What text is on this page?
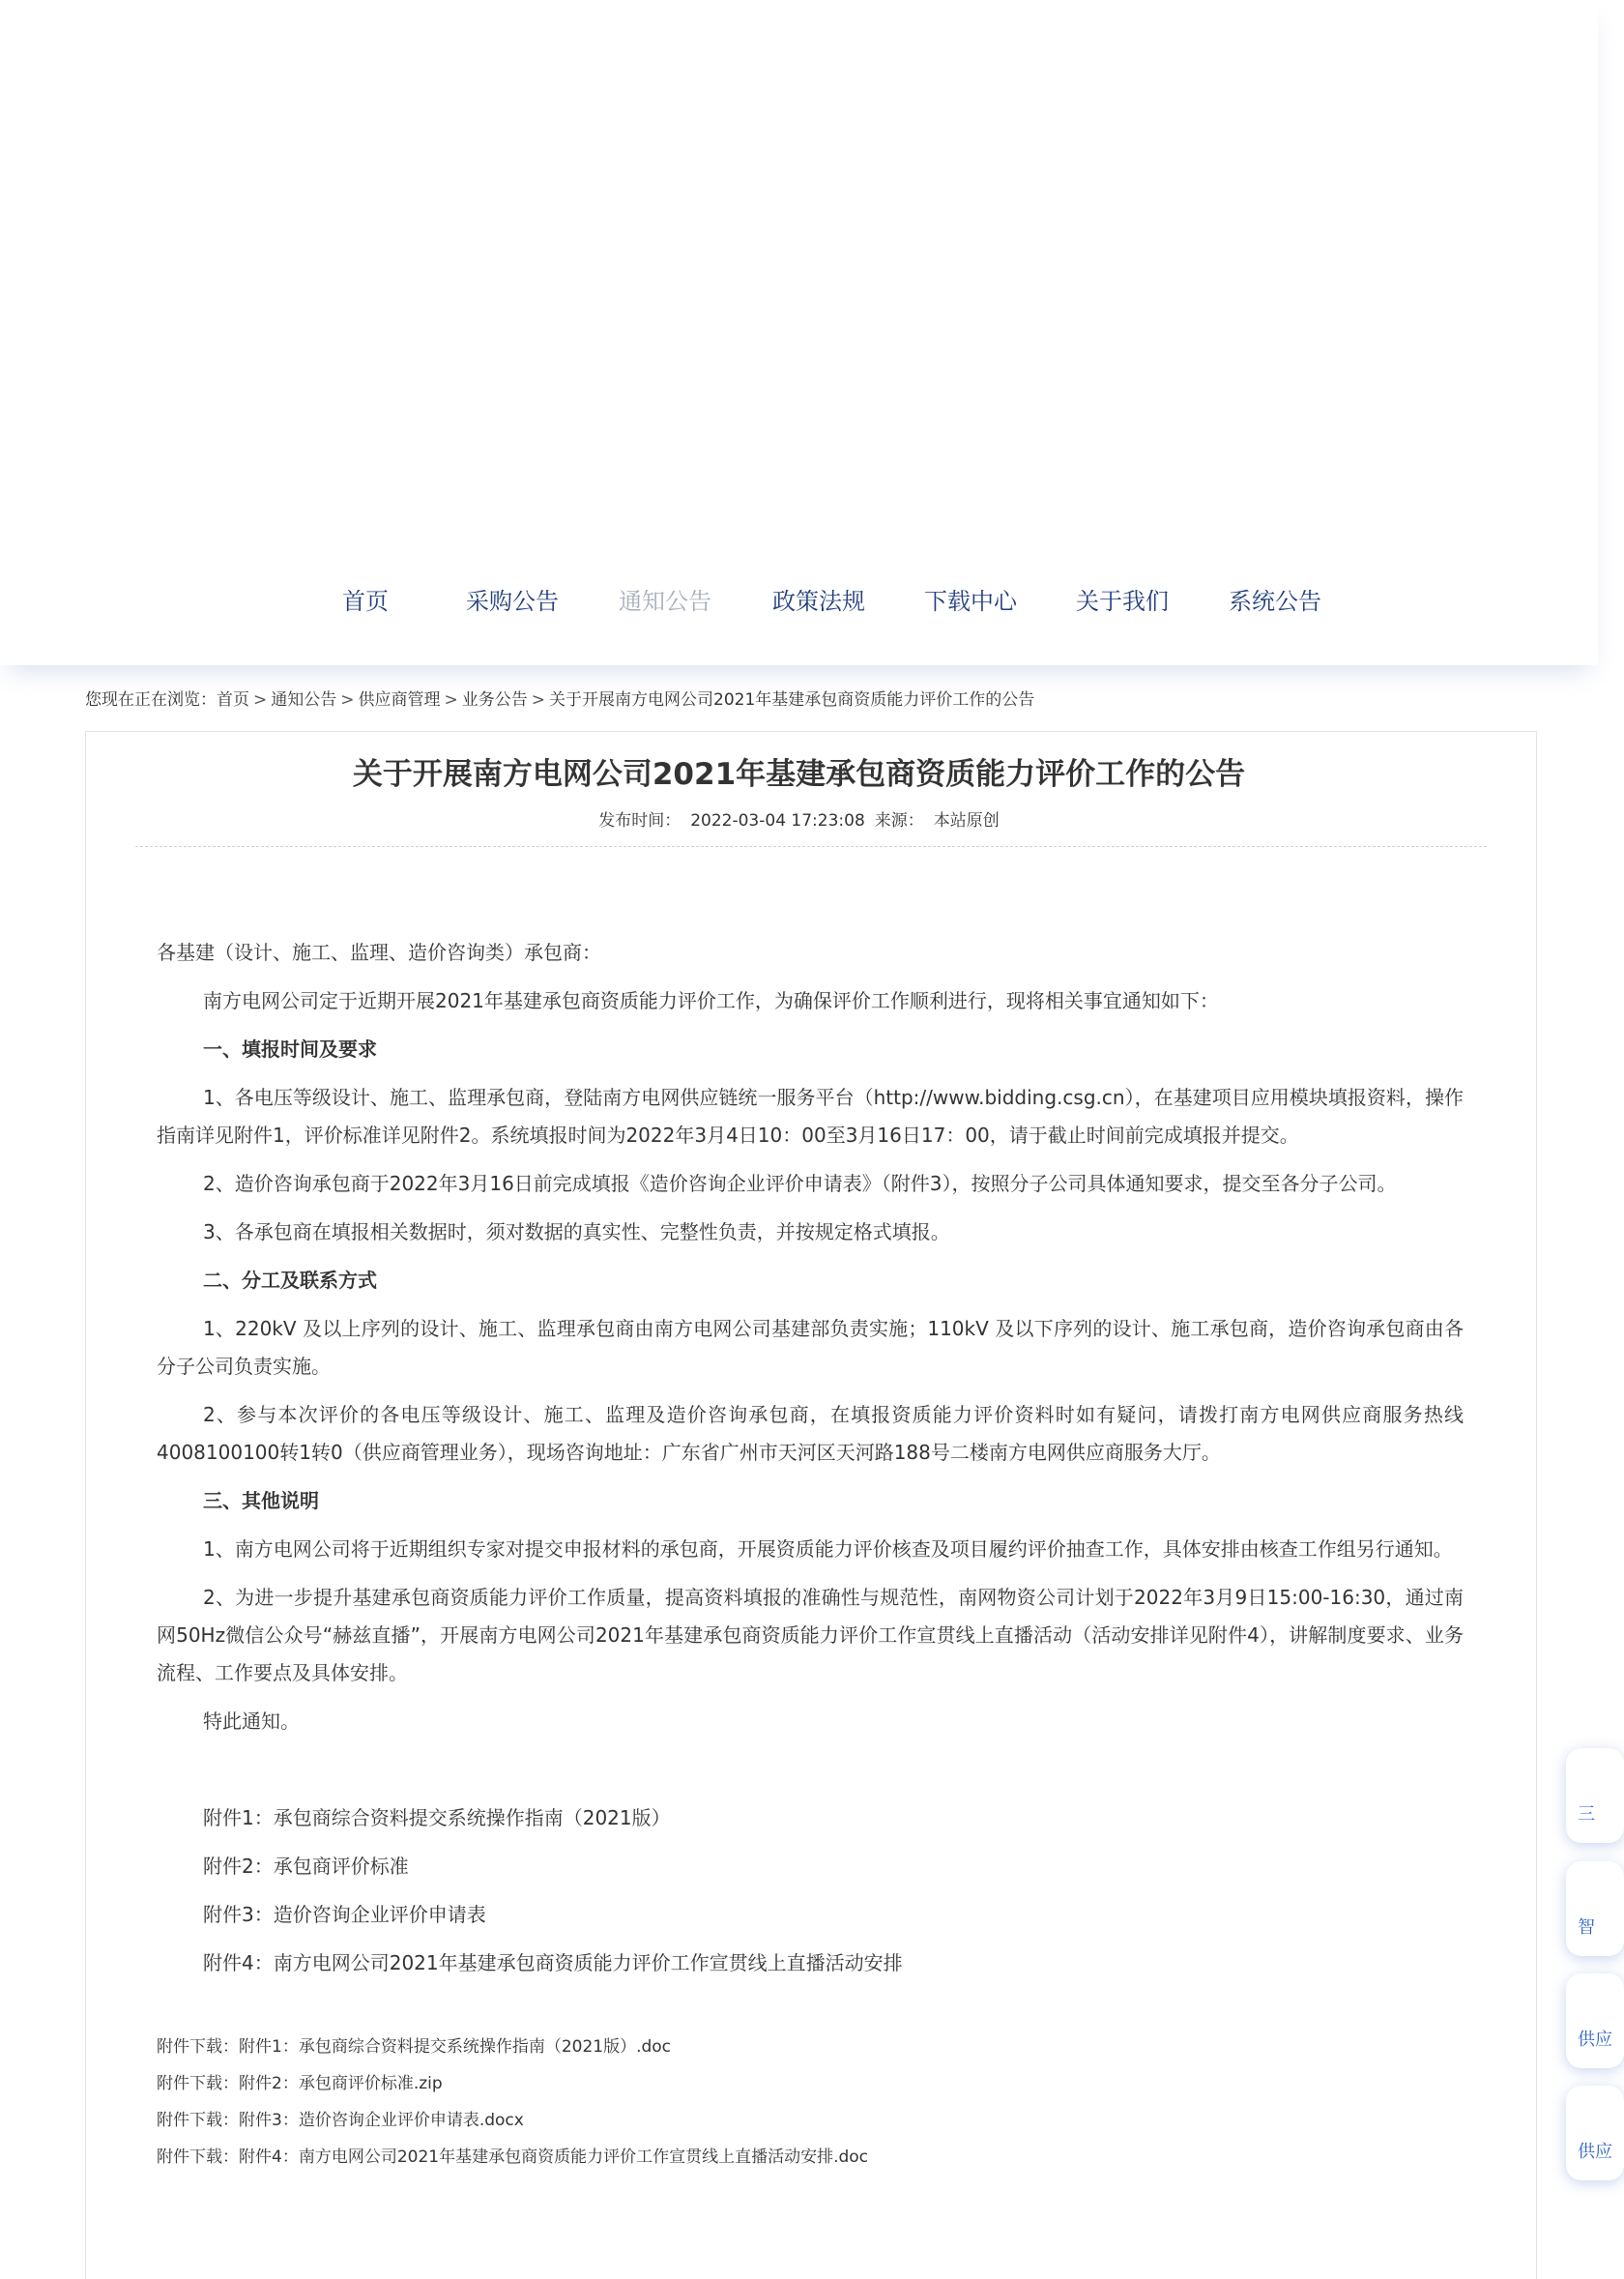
首页	采购公告	通知公告	政策法规	下载中心	关于我们	系统公告
您现在正在浏览：首页 > 通知公告 > 供应商管理 > 业务公告 > 关于开展南方电网公司2021年基建承包商资质能力评价工作的公告
关于开展南方电网公司2021年基建承包商资质能力评价工作的公告
发布时间： 2022-03-04 17:23:08 来源： 本站原创

各基建（设计、施工、监理、造价咨询类）承包商：

南方电网公司定于近期开展2021年基建承包商资质能力评价工作，为确保评价工作顺利进行，现将相关事宜通知如下：

一、填报时间及要求

1、各电压等级设计、施工、监理承包商，登陆南方电网供应链统一服务平台（http://www.bidding.csg.cn），在基建项目应用模块填报资料，操作指南详见附件1，评价标准详见附件2。系统填报时间为2022年3月4日10：00至3月16日17：00，请于截止时间前完成填报并提交。

2、造价咨询承包商于2022年3月16日前完成填报《造价咨询企业评价申请表》（附件3），按照分子公司具体通知要求，提交至各分子公司。

3、各承包商在填报相关数据时，须对数据的真实性、完整性负责，并按规定格式填报。

二、分工及联系方式

1、220kV 及以上序列的设计、施工、监理承包商由南方电网公司基建部负责实施；110kV 及以下序列的设计、施工承包商，造价咨询承包商由各分子公司负责实施。

2、参与本次评价的各电压等级设计、施工、监理及造价咨询承包商，在填报资质能力评价资料时如有疑问，请拨打南方电网供应商服务热线4008100100转1转0（供应商管理业务），现场咨询地址：广东省广州市天河区天河路188号二楼南方电网供应商服务大厅。

三、其他说明

1、南方电网公司将于近期组织专家对提交申报材料的承包商，开展资质能力评价核查及项目履约评价抽查工作，具体安排由核查工作组另行通知。

2、为进一步提升基建承包商资质能力评价工作质量，提高资料填报的准确性与规范性，南网物资公司计划于2022年3月9日15:00-16:30，通过南网50Hz微信公众号“赫兹直播”，开展南方电网公司2021年基建承包商资质能力评价工作宣贯线上直播活动（活动安排详见附件4），讲解制度要求、业务流程、工作要点及具体安排。

特此通知。

附件1：承包商综合资料提交系统操作指南（2021版）

附件2：承包商评价标准

附件3：造价咨询企业评价申请表

附件4：南方电网公司2021年基建承包商资质能力评价工作宣贯线上直播活动安排

附件下载：附件1：承包商综合资料提交系统操作指南（2021版）.doc
附件下载：附件2：承包商评价标准.zip
附件下载：附件3：造价咨询企业评价申请表.docx
附件下载：附件4：南方电网公司2021年基建承包商资质能力评价工作宣贯线上直播活动安排.doc
三
智
供应
供应
